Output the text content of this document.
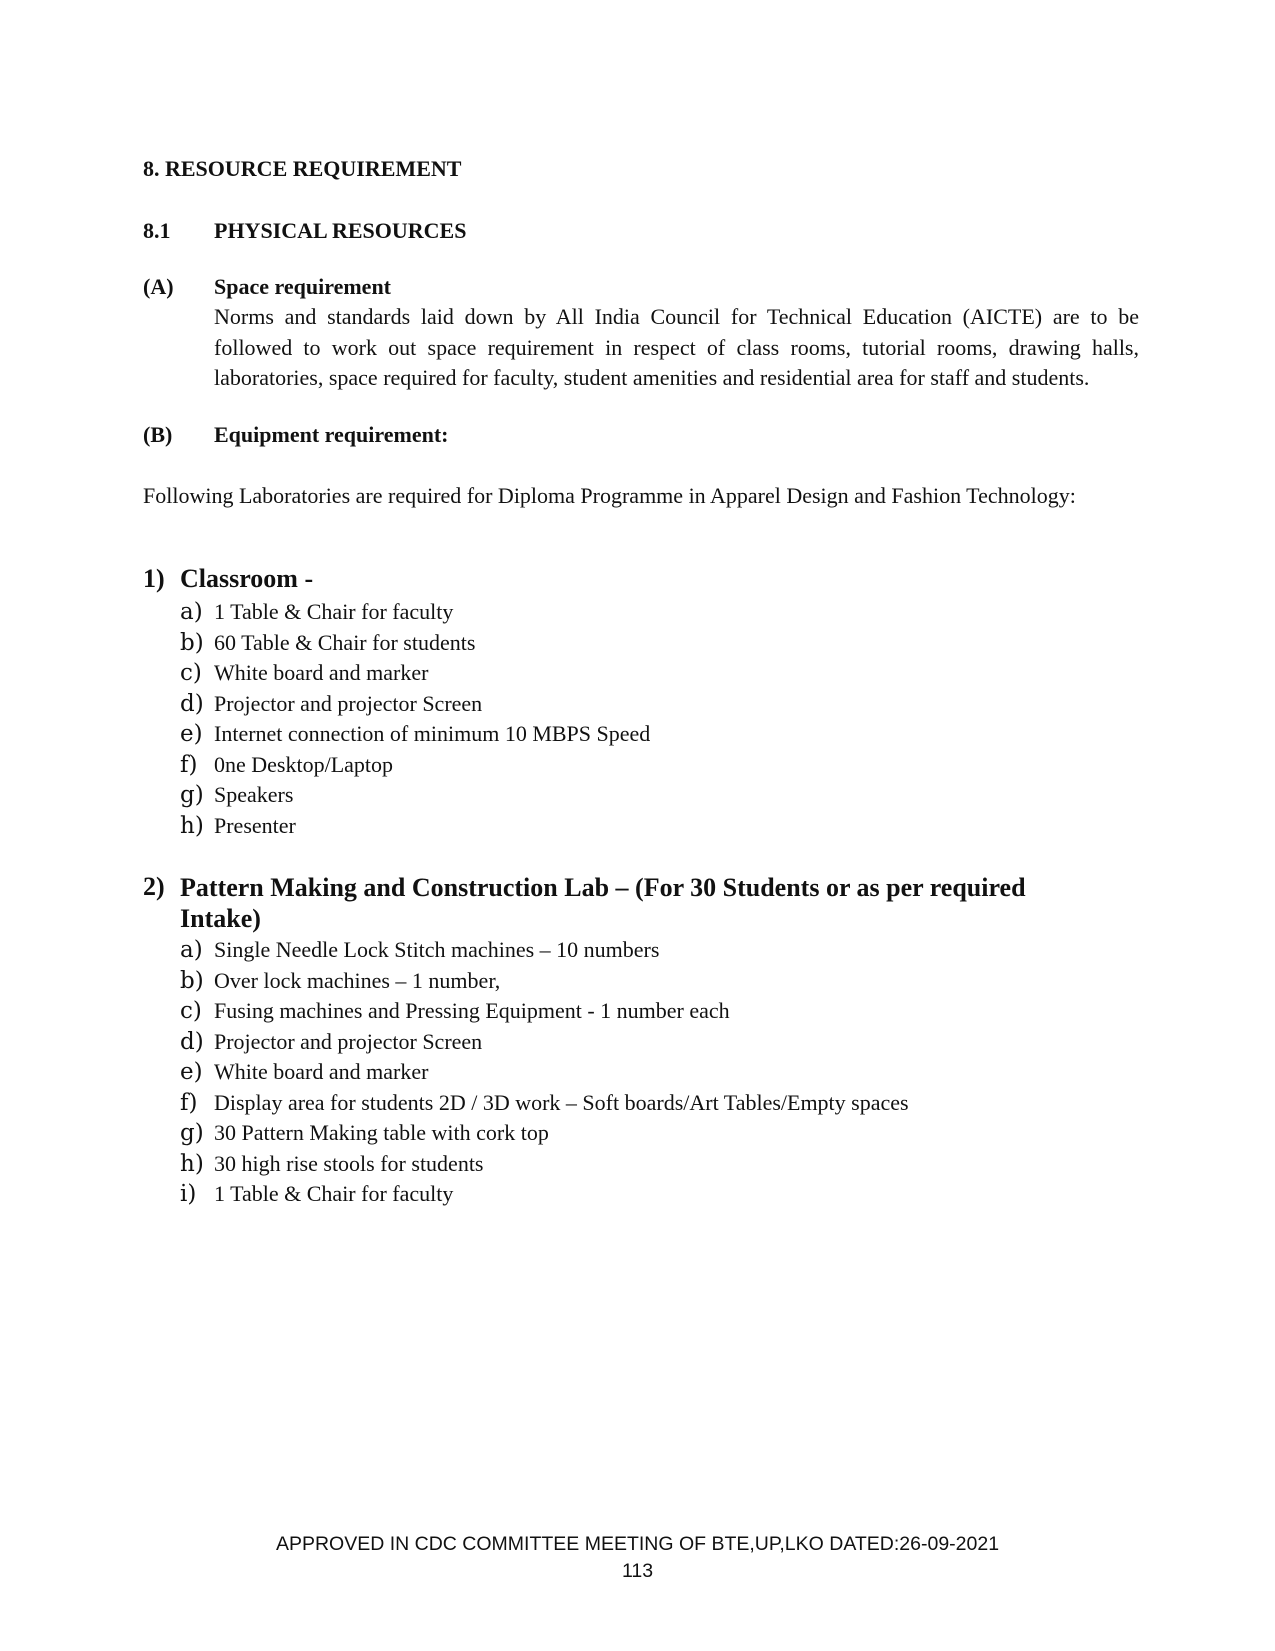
8. RESOURCE REQUIREMENT
8.1 PHYSICAL RESOURCES
(A) Space requirement
Norms and standards laid down by All India Council for Technical Education (AICTE) are to be followed to work out space requirement in respect of class rooms, tutorial rooms, drawing halls, laboratories, space required for faculty, student amenities and residential area for staff and students.
(B) Equipment requirement:
Following Laboratories are required for Diploma Programme in Apparel Design and Fashion Technology:
1) Classroom -
a) 1 Table & Chair for faculty
b) 60 Table & Chair for students
c) White board and marker
d) Projector and projector Screen
e) Internet connection of minimum 10 MBPS Speed
f) 0ne Desktop/Laptop
g) Speakers
h) Presenter
2) Pattern Making and Construction Lab – (For 30 Students or as per required Intake)
a) Single Needle Lock Stitch machines – 10 numbers
b) Over lock machines – 1 number,
c) Fusing machines and Pressing Equipment - 1 number each
d) Projector and projector Screen
e) White board and marker
f) Display area for students 2D / 3D work – Soft boards/Art Tables/Empty spaces
g) 30 Pattern Making table with cork top
h) 30 high rise stools for students
i) 1 Table & Chair for faculty
APPROVED IN CDC COMMITTEE MEETING OF BTE,UP,LKO DATED:26-09-2021
113
